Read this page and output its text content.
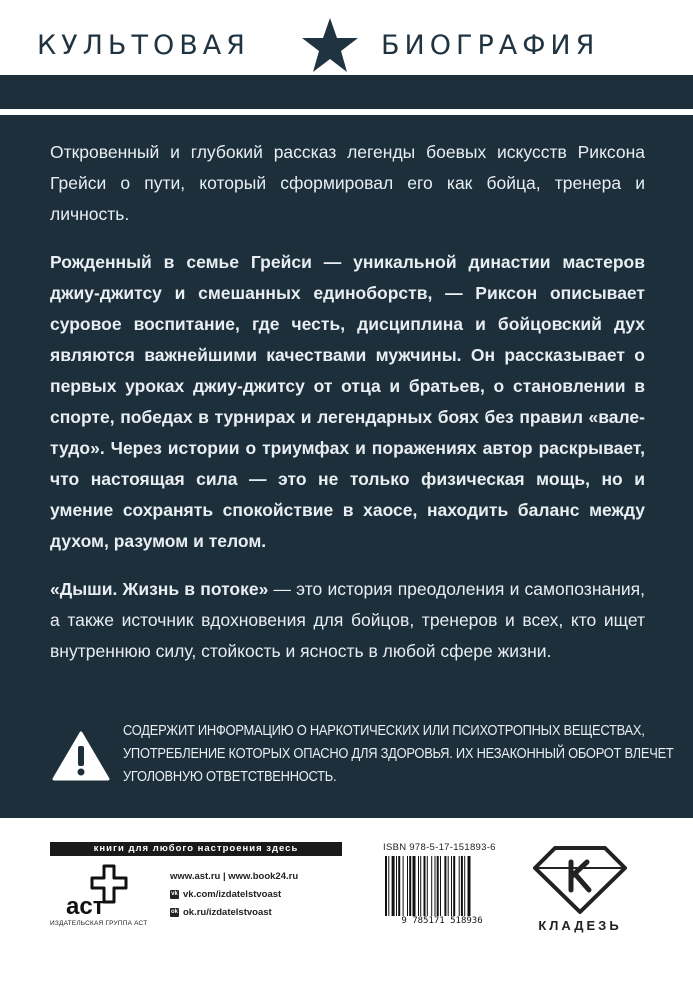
КУЛЬТОВАЯ	БИОГРАФИЯ
Откровенный и глубокий рассказ легенды боевых искусств Риксона Грейси о пути, который сформировал его как бойца, тренера и личность.
Рожденный в семье Грейси — уникальной династии мастеров джиу-джитсу и смешанных единоборств, — Риксон описывает суровое воспитание, где честь, дисциплина и бойцовский дух являются важнейшими качествами мужчины. Он рассказывает о первых уроках джиу-джитсу от отца и братьев, о становлении в спорте, победах в турнирах и легендарных боях без правил «вале-тудо». Через истории о триумфах и поражениях автор раскрывает, что настоящая сила — это не только физическая мощь, но и умение сохранять спокойствие в хаосе, находить баланс между духом, разумом и телом.
«Дыши. Жизнь в потоке» — это история преодоления и самопознания, а также источник вдохновения для бойцов, тренеров и всех, кто ищет внутреннюю силу, стойкость и ясность в любой сфере жизни.
СОДЕРЖИТ ИНФОРМАЦИЮ О НАРКОТИЧЕСКИХ ИЛИ ПСИХОТРОПНЫХ ВЕЩЕСТВАХ,
УПОТРЕБЛЕНИЕ КОТОРЫХ ОПАСНО ДЛЯ ЗДОРОВЬЯ. ИХ НЕЗАКОННЫЙ ОБОРОТ ВЛЕЧЕТ
УГОЛОВНУЮ ОТВЕТСТВЕННОСТЬ.
книги для любого настроения здесь
аст
ИЗДАТЕЛЬСКАЯ ГРУППА АСТ
www.ast.ru | www.book24.ru
vk vk.com/izdatelstvoast
ok ok.ru/izdatelstvoast
ISBN 978-5-17-151893-6
9 785171 518936	КЛАДЕЗЬ
